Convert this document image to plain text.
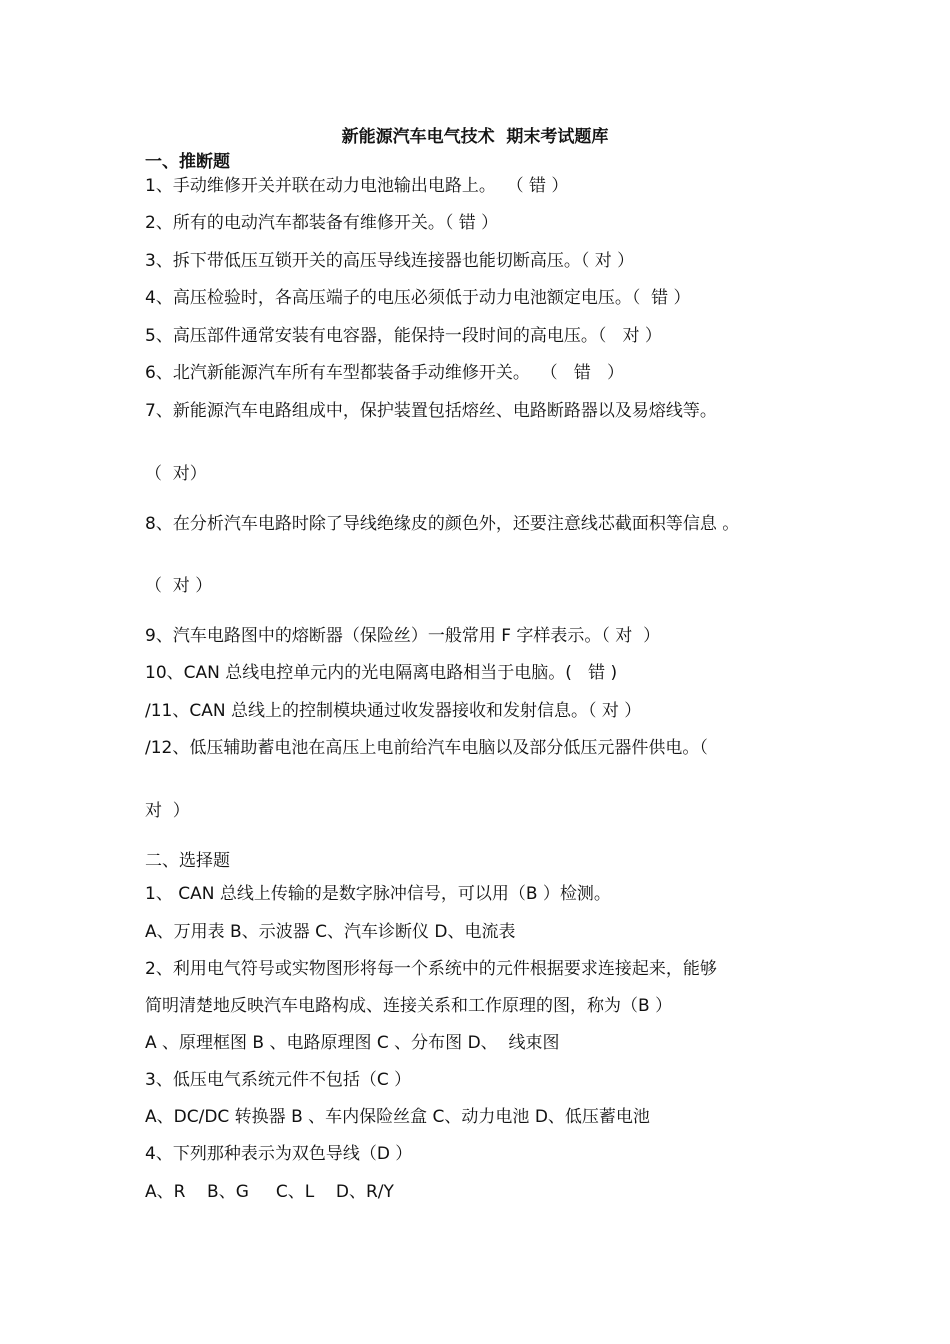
新能源汽车电气技术  期末考试题库
一、推断题
1、手动维修开关并联在动力电池输出电路上。  （ 错 ）
2、所有的电动汽车都装备有维修开关。（ 错 ）
3、拆下带低压互锁开关的高压导线连接器也能切断高压。（ 对 ）
4、高压检验时，各高压端子的电压必须低于动力电池额定电压。（  错 ）
5、高压部件通常安装有电容器，能保持一段时间的高电压。（   对 ）
6、北汽新能源汽车所有车型都装备手动维修开关。  （   错   ）
7、新能源汽车电路组成中，保护装置包括熔丝、电路断路器以及易熔线等。
（  对）
8、在分析汽车电路时除了导线绝缘皮的颜色外，还要注意线芯截面积等信息 。
（  对 ）
9、汽车电路图中的熔断器（保险丝）一般常用 F 字样表示。（ 对  ）
10、CAN 总线电控单元内的光电隔离电路相当于电脑。(   错 )
/11、CAN 总线上的控制模块通过收发器接收和发射信息。（ 对 ）
/12、低压辅助蓄电池在高压上电前给汽车电脑以及部分低压元器件供电。（
对  ）
二、选择题
1、 CAN 总线上传输的是数字脉冲信号，可以用（B ）检测。
A、万用表 B、示波器 C、汽车诊断仪 D、电流表
2、利用电气符号或实物图形将每一个系统中的元件根据要求连接起来，能够
简明清楚地反映汽车电路构成、连接关系和工作原理的图，称为（B ）
A 、原理框图 B 、电路原理图 C 、分布图 D、  线束图
3、低压电气系统元件不包括（C ）
A、DC/DC 转换器 B 、车内保险丝盒 C、动力电池 D、低压蓄电池
4、下列那种表示为双色导线（D ）
A、R    B、G     C、L    D、R/Y
